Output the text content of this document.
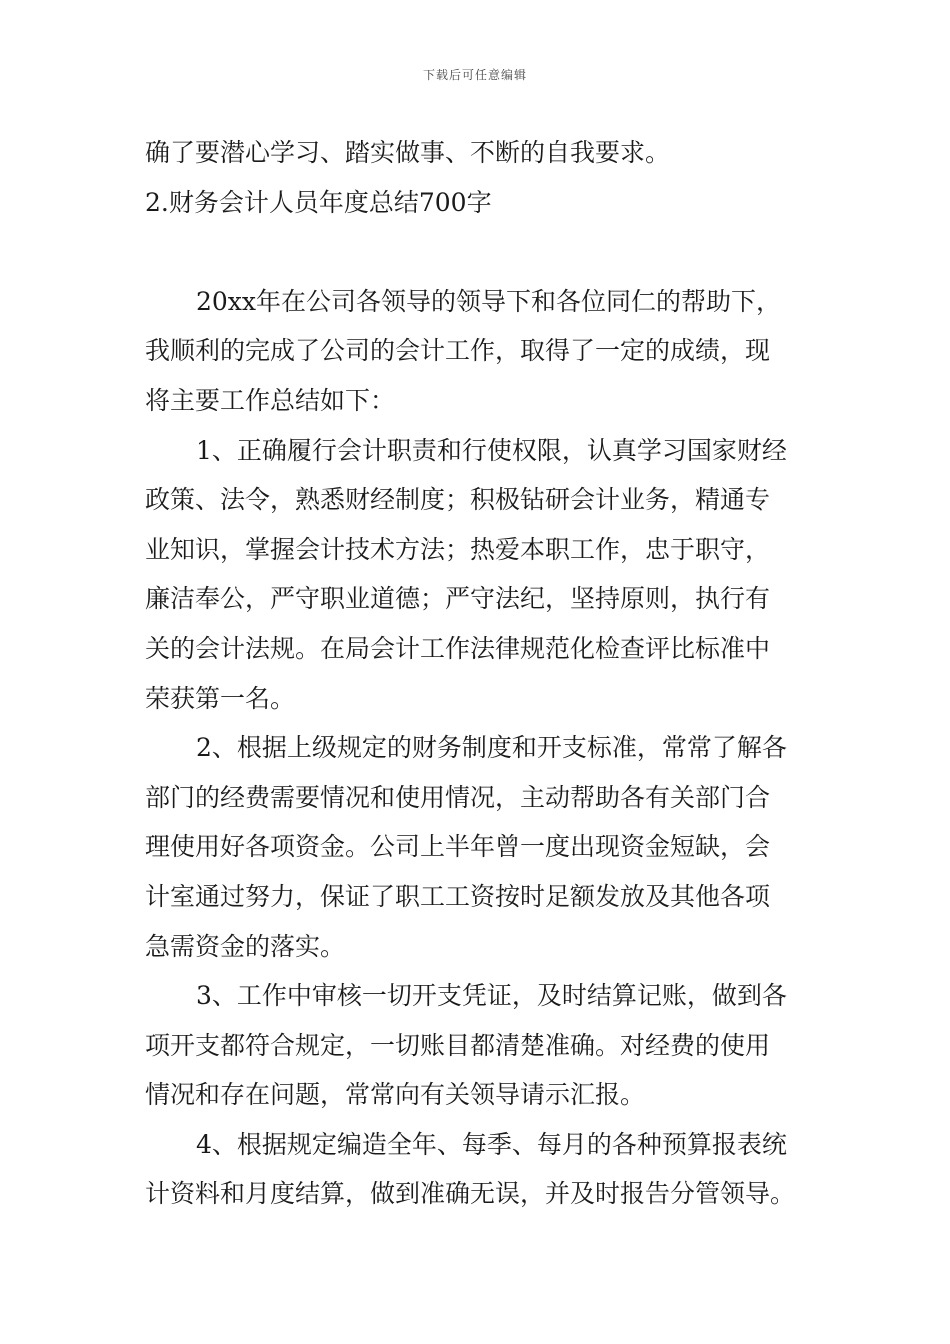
下载后可任意编辑
确了要潜心学习、踏实做事、不断的自我要求。
2.财务会计人员年度总结700字
20xx年在公司各领导的领导下和各位同仁的帮助下，
我顺利的完成了公司的会计工作，取得了一定的成绩，现
将主要工作总结如下：
1、正确履行会计职责和行使权限，认真学习国家财经
政策、法令，熟悉财经制度；积极钻研会计业务，精通专
业知识，掌握会计技术方法；热爱本职工作，忠于职守，
廉洁奉公，严守职业道德；严守法纪，坚持原则，执行有
关的会计法规。在局会计工作法律规范化检查评比标准中
荣获第一名。
2、根据上级规定的财务制度和开支标准，常常了解各
部门的经费需要情况和使用情况，主动帮助各有关部门合
理使用好各项资金。公司上半年曾一度出现资金短缺，会
计室通过努力，保证了职工工资按时足额发放及其他各项
急需资金的落实。
3、工作中审核一切开支凭证，及时结算记账，做到各
项开支都符合规定，一切账目都清楚准确。对经费的使用
情况和存在问题，常常向有关领导请示汇报。
4、根据规定编造全年、每季、每月的各种预算报表统
计资料和月度结算，做到准确无误，并及时报告分管领导。
